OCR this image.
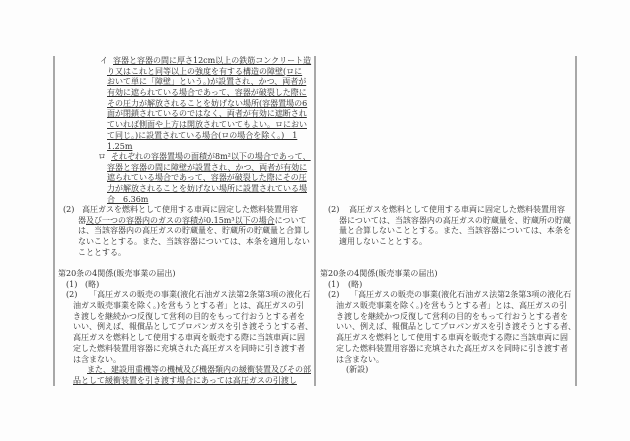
イ 容器と容器の間に厚さ12cm以上の鉄筋コンクリート造
り又はこれと同等以上の強度を有する構造の障壁(ロに
おいて単に「障壁」という。)が設置され、かつ、両者が
有効に遮られている場合であって、容器が破裂した際に
その圧力が解放されることを妨げない場所(容器置場の6
面が閉鎖されているのではなく、両者が有効に遮断され
ていれば側面や上方は開放されていてもよい。ロにおい
て同じ。)に設置されている場合(ロの場合を除く。)　1
1.25m
ロ それぞれの容器置場の面積が8m²以下の場合であって、
容器と容器の間に障壁が設置され、かつ、両者が有効に
遮られている場合であって、容器が破裂した際にその圧
力が解放されることを妨げない場所に設置されている場
合　6.36m
(2) 高圧ガスを燃料として使用する車両に固定した燃料装置用容
器及び一つの容器内のガスの容積が0.15m³以下の場合について
は、当該容器内の高圧ガスの貯蔵量を、貯蔵所の貯蔵量と合算し
ないこととする。また、当該容器については、本条を適用しない
こととする。
第20条の4関係(販売事業の届出)
(1) (略)
(2) 「高圧ガスの販売の事業(液化石油ガス法第2条第3項の液化石
油ガス販売事業を除く。)を営もうとする者」とは、高圧ガスの引
き渡しを継続かつ反復して営利の目的をもって行おうとする者を
いい、例えば、報償品としてプロパンガスを引き渡そうとする者、
高圧ガスを燃料として使用する車両を販売する際に当該車両に固
定した燃料装置用容器に充填された高圧ガスを同時に引き渡す者
は含まない。
また、建設用重機等の機械及び機器類内の緩衝装置及びその部
品として緩衝装置を引き渡す場合にあっては高圧ガスの引渡し
(2) 高圧ガスを燃料として使用する車両に固定した燃料装置用容
器については、当該容器内の高圧ガスの貯蔵量を、貯蔵所の貯蔵
量と合算しないこととする。また、当該容器については、本条を
適用しないこととする。
第20条の4関係(販売事業の届出)
(1) (略)
(2) 「高圧ガスの販売の事業(液化石油ガス法第2条第3項の液化石
油ガス販売事業を除く。)を営もうとする者」とは、高圧ガスの引
き渡しを継続かつ反復して営利の目的をもって行おうとする者を
いい、例えば、報償品としてプロパンガスを引き渡そうとする者、
高圧ガスを燃料として使用する車両を販売する際に当該車両に固
定した燃料装置用容器に充填された高圧ガスを同時に引き渡す者
は含まない。
(新設)
